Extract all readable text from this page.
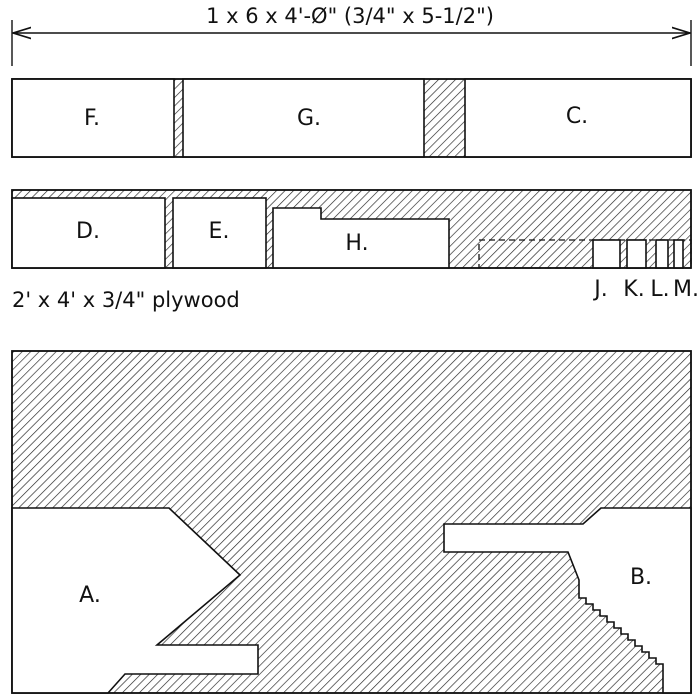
1 x 6 x 4'-Ø" (3/4" x 5-1/2")
F.	G.	C.
D.	E.	H.
J. K. L. M.
2' x 4' x 3/4" plywood
A.
B.
